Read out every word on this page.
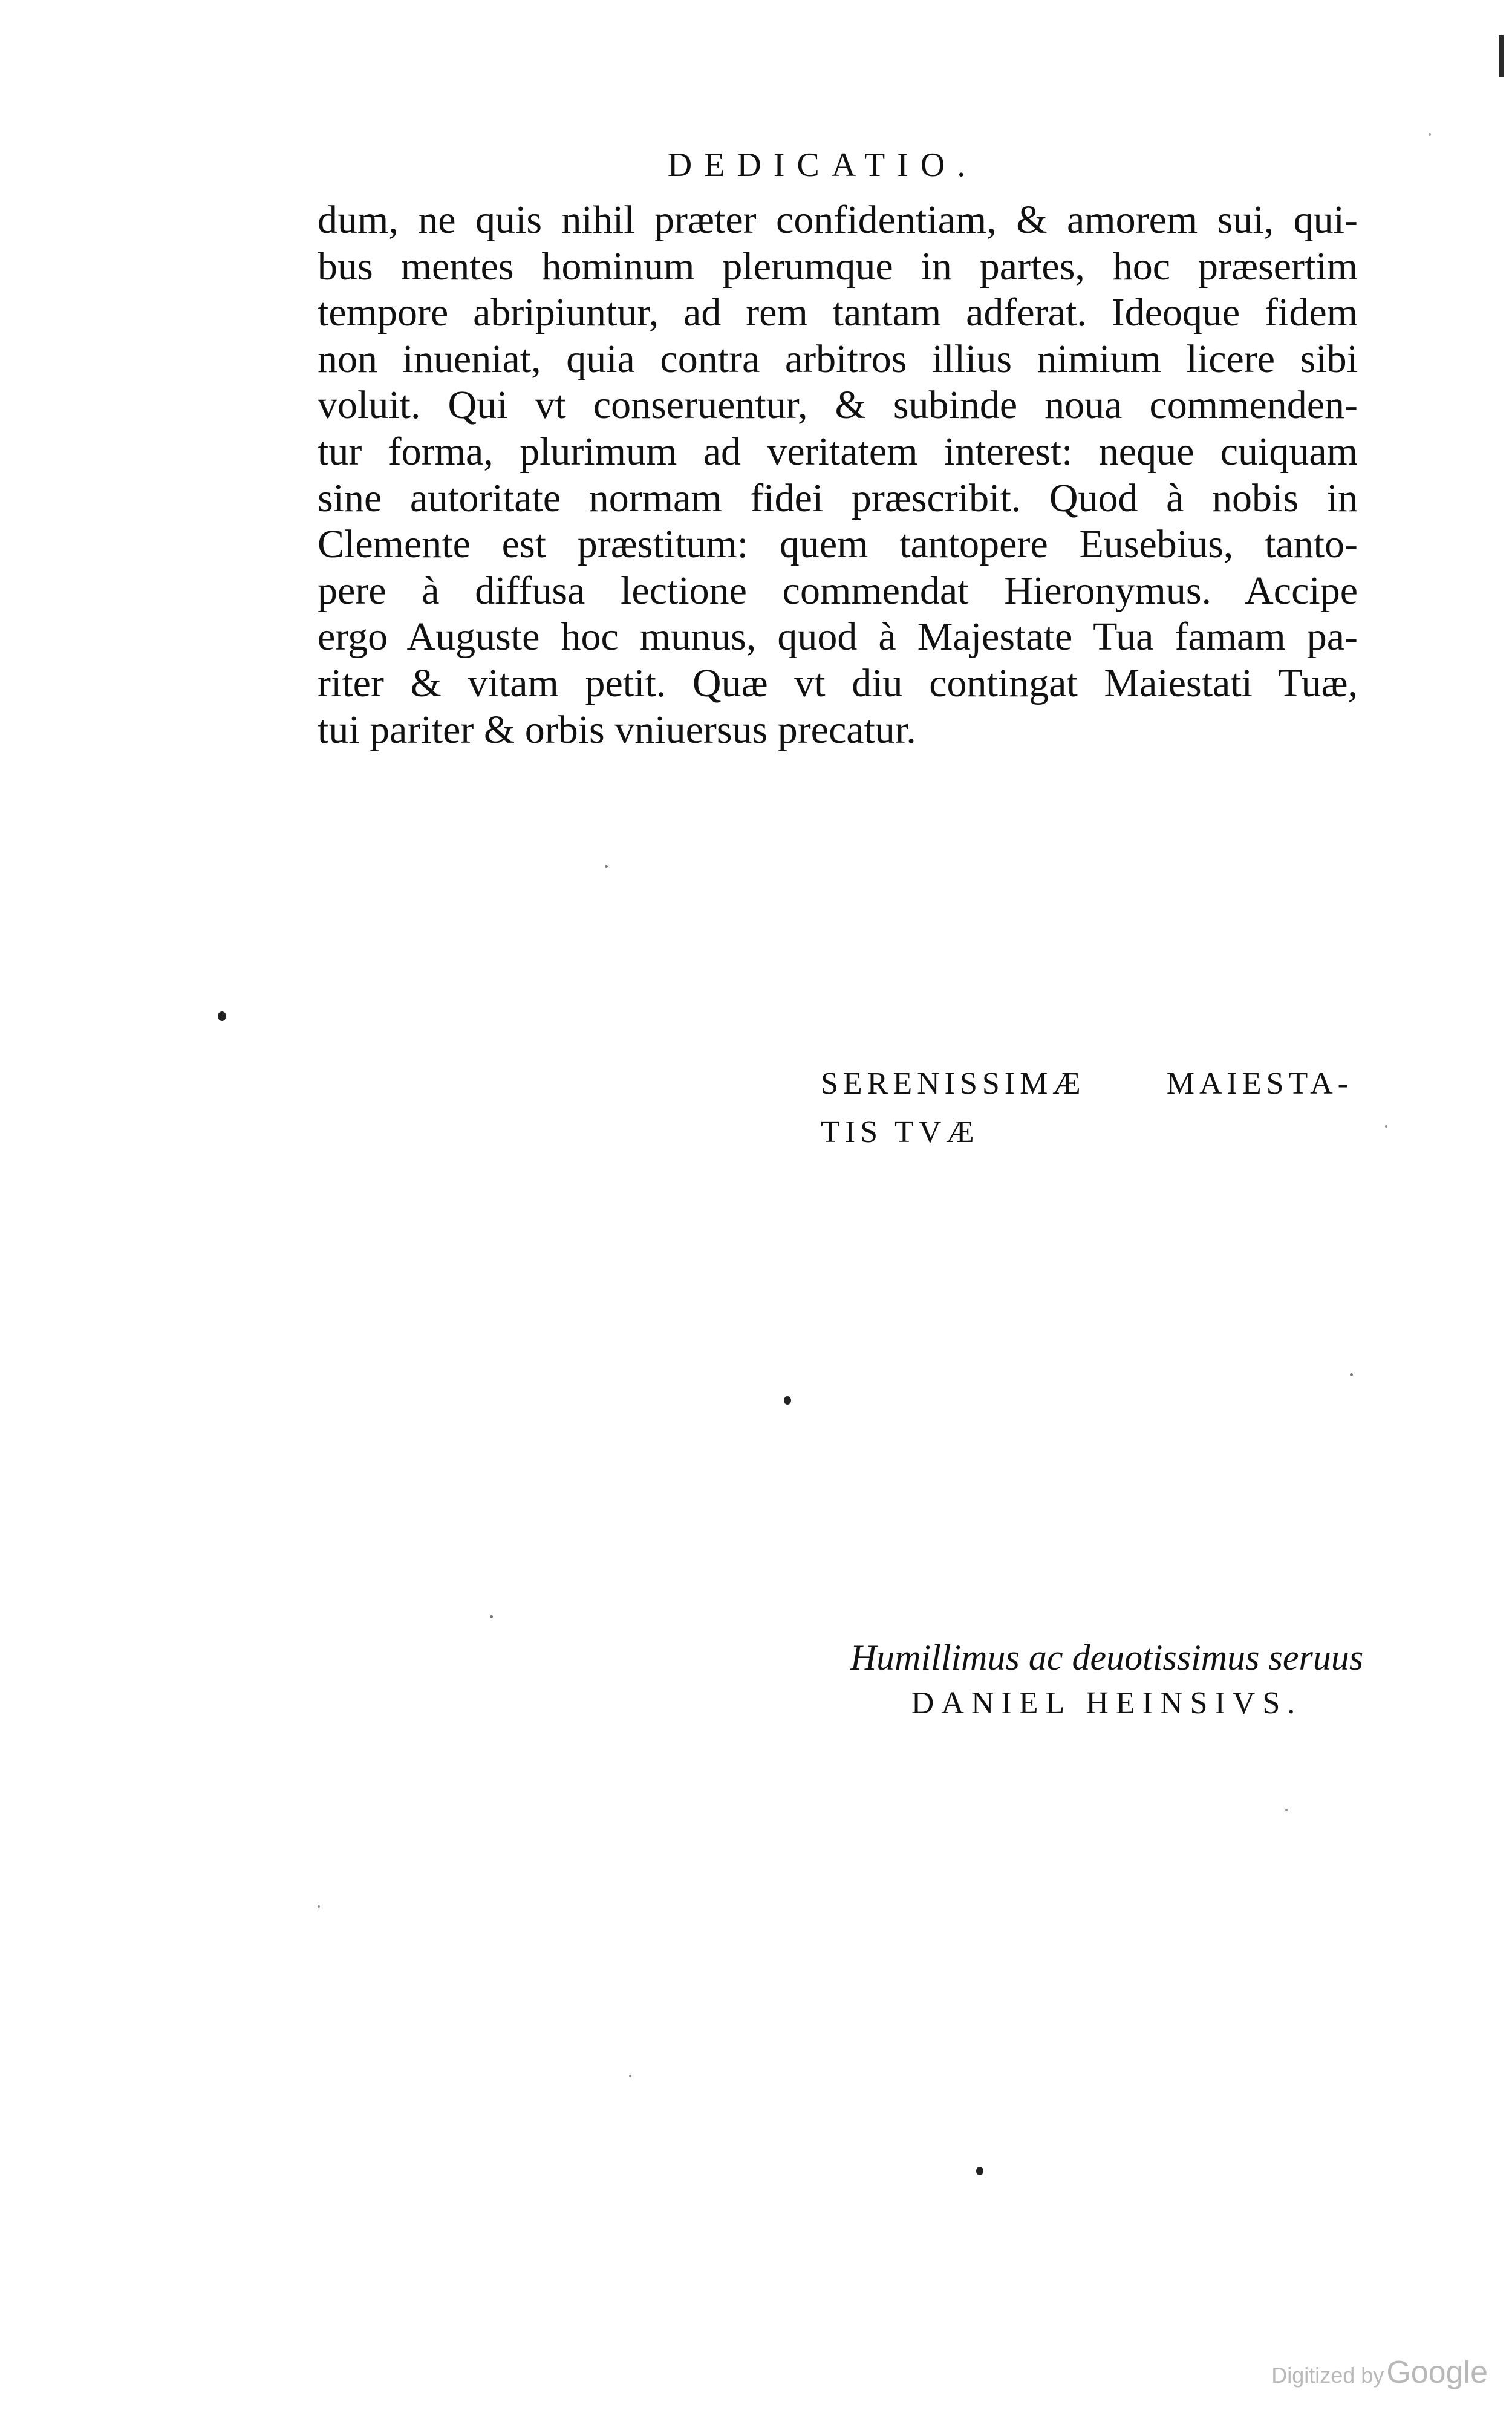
DEDICATIO.
dum, ne quis nihil præter confidentiam, & amorem sui, qui-
bus mentes hominum plerumque in partes, hoc præsertim
tempore abripiuntur, ad rem tantam adferat. Ideoque fidem
non inueniat, quia contra arbitros illius nimium licere sibi
voluit. Qui vt conseruentur, & subinde noua commenden-
tur forma, plurimum ad veritatem interest: neque cuiquam
sine autoritate normam fidei præscribit. Quod à nobis in
Clemente est præstitum: quem tantopere Eusebius, tanto-
pere à diffusa lectione commendat Hieronymus. Accipe
ergo Auguste hoc munus, quod à Majestate Tua famam pa-
riter & vitam petit. Quæ vt diu contingat Maiestati Tuæ,
tui pariter & orbis vniuersus precatur.
SERENISSIMÆ MAIESTA-
TIS TVÆ
Humillimus ac deuotissimus seruus
DANIEL HEINSIVS.
Digitized by Google
